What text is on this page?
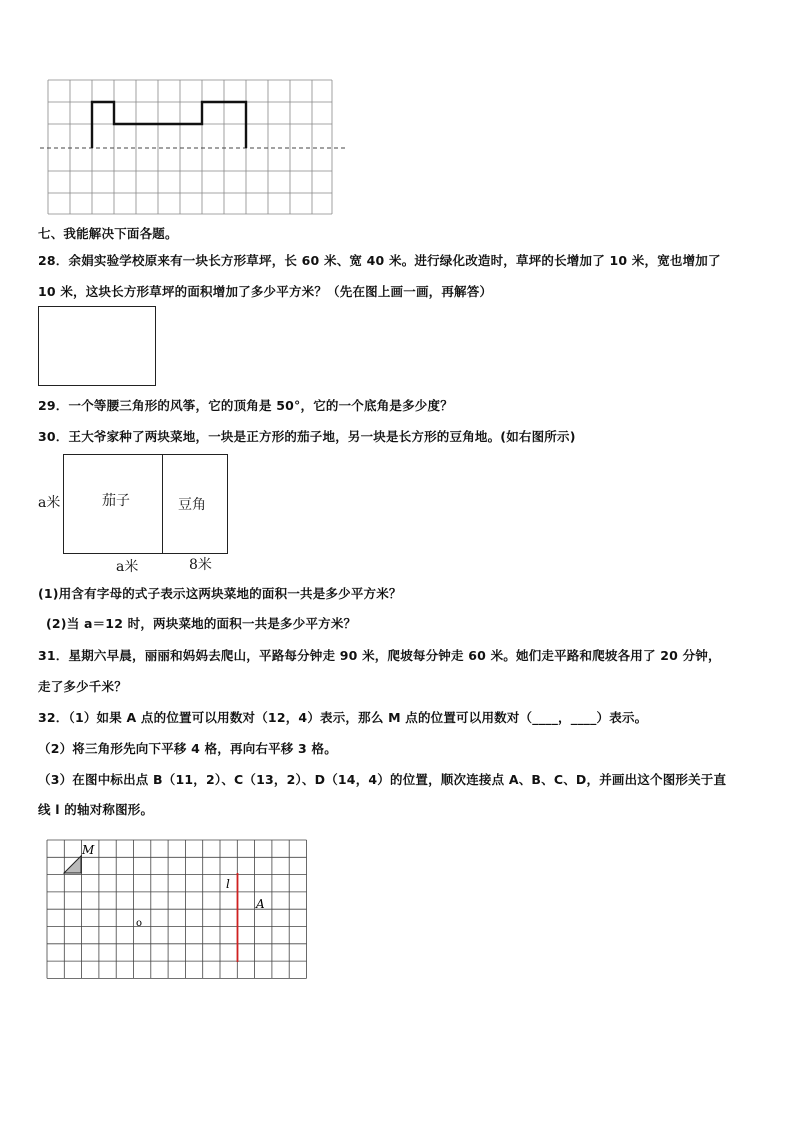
七、我能解决下面各题。
28．余娟实验学校原来有一块长方形草坪，长 60 米、宽 40 米。进行绿化改造时，草坪的长增加了 10 米，宽也增加了
10 米，这块长方形草坪的面积增加了多少平方米？（先在图上画一画，再解答）
29．一个等腰三角形的风筝，它的顶角是 50°，它的一个底角是多少度？
30．王大爷家种了两块菜地，一块是正方形的茄子地，另一块是长方形的豆角地。(如右图所示)
a米	茄子	豆角
a米	8米
(1)用含有字母的式子表示这两块菜地的面积一共是多少平方米？
(2)当 a＝12 时，两块菜地的面积一共是多少平方米？
31．星期六早晨，丽丽和妈妈去爬山，平路每分钟走 90 米，爬坡每分钟走 60 米。她们走平路和爬坡各用了 20 分钟，
走了多少千米？
32．（1）如果 A 点的位置可以用数对（12，4）表示，那么 M 点的位置可以用数对（____，____）表示。
（2）将三角形先向下平移 4 格，再向右平移 3 格。
（3）在图中标出点 B（11，2）、C（13，2）、D（14，4）的位置，顺次连接点 A、B、C、D，并画出这个图形关于直
线 l 的轴对称图形。
M
l
A
o
